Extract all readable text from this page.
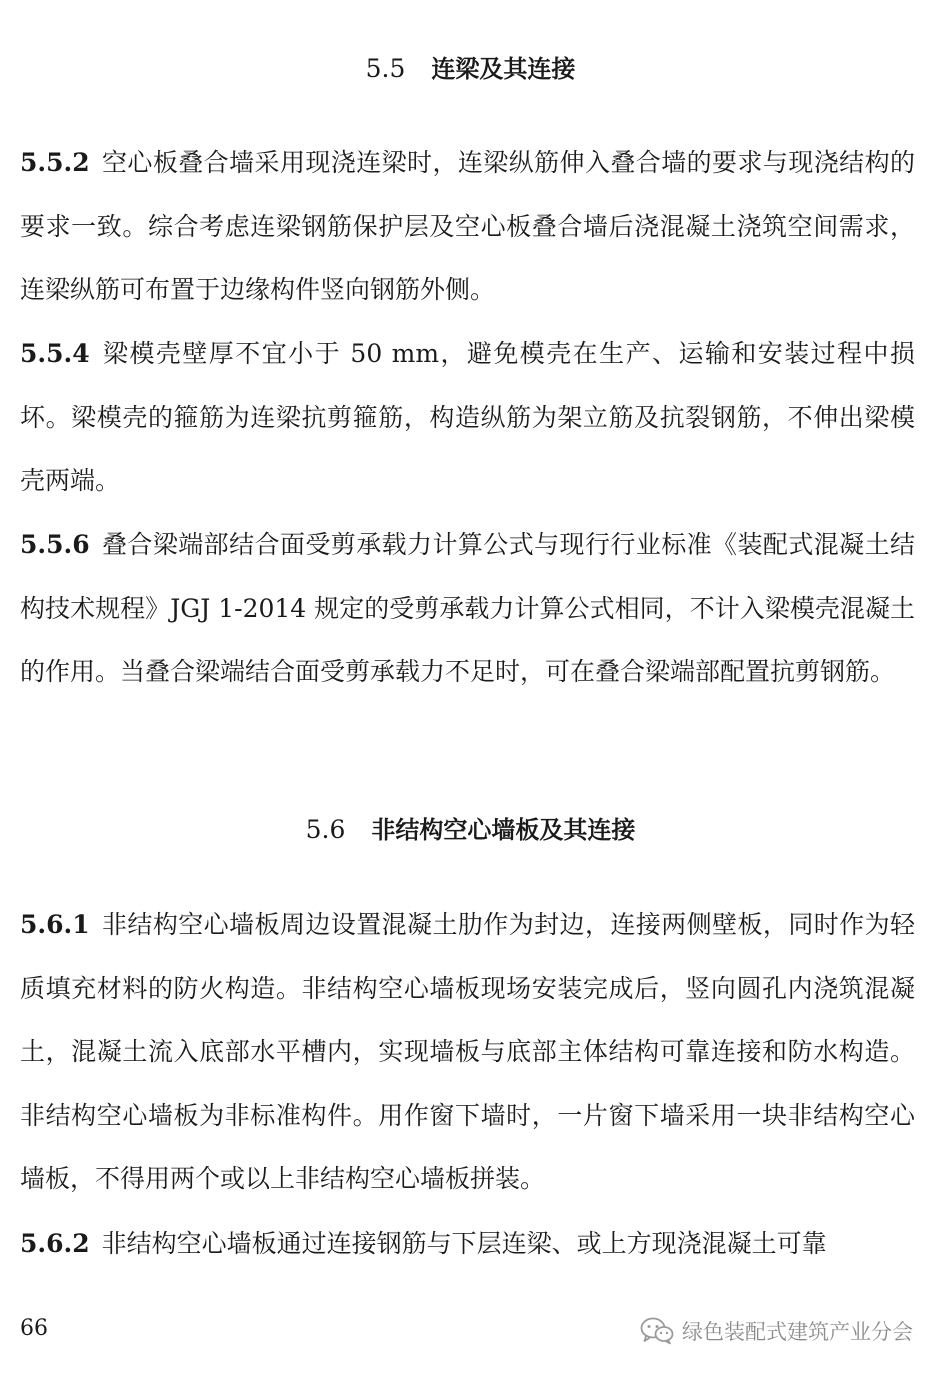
5.5 连梁及其连接
5.5.2 空心板叠合墙采用现浇连梁时，连梁纵筋伸入叠合墙的要求与现浇结构的要求一致。综合考虑连梁钢筋保护层及空心板叠合墙后浇混凝土浇筑空间需求，连梁纵筋可布置于边缘构件竖向钢筋外侧。
5.5.4 梁模壳壁厚不宜小于 50 mm，避免模壳在生产、运输和安装过程中损坏。梁模壳的箍筋为连梁抗剪箍筋，构造纵筋为架立筋及抗裂钢筋，不伸出梁模壳两端。
5.5.6 叠合梁端部结合面受剪承载力计算公式与现行行业标准《装配式混凝土结构技术规程》JGJ 1-2014 规定的受剪承载力计算公式相同，不计入梁模壳混凝土的作用。当叠合梁端结合面受剪承载力不足时，可在叠合梁端部配置抗剪钢筋。
5.6 非结构空心墙板及其连接
5.6.1 非结构空心墙板周边设置混凝土肋作为封边，连接两侧壁板，同时作为轻质填充材料的防火构造。非结构空心墙板现场安装完成后，竖向圆孔内浇筑混凝土，混凝土流入底部水平槽内，实现墙板与底部主体结构可靠连接和防水构造。非结构空心墙板为非标准构件。用作窗下墙时，一片窗下墙采用一块非结构空心墙板，不得用两个或以上非结构空心墙板拼装。
5.6.2 非结构空心墙板通过连接钢筋与下层连梁、或上方现浇混凝土可靠
66	绿色装配式建筑产业分会
